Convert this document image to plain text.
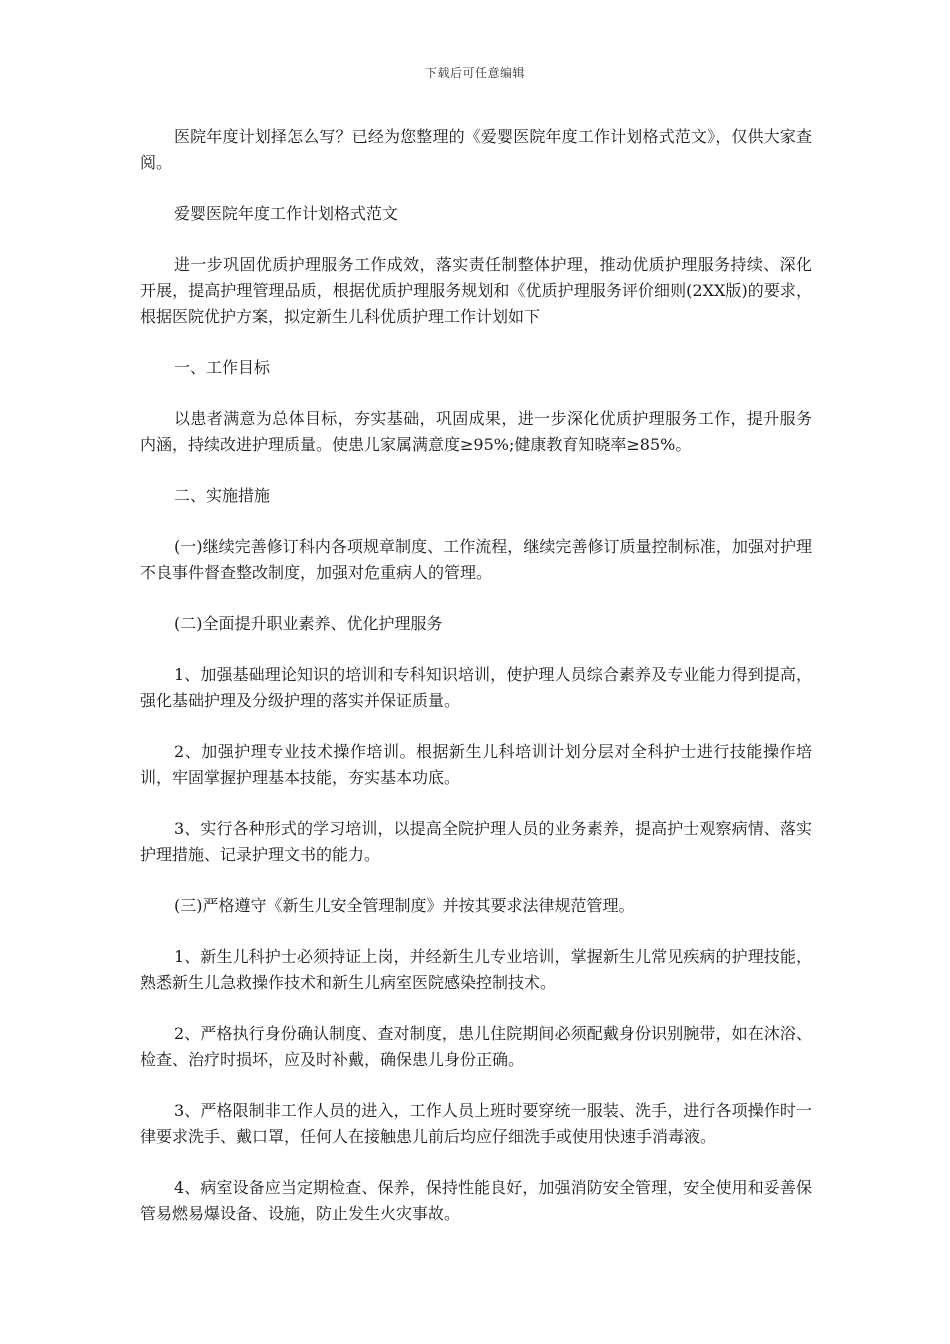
下载后可任意编辑

医院年度计划择怎么写？已经为您整理的《爱婴医院年度工作计划格式范文》，仅供大家查阅。

爱婴医院年度工作计划格式范文

进一步巩固优质护理服务工作成效，落实责任制整体护理，推动优质护理服务持续、深化开展，提高护理管理品质，根据优质护理服务规划和《优质护理服务评价细则(2XX版)的要求，根据医院优护方案，拟定新生儿科优质护理工作计划如下

一、工作目标

以患者满意为总体目标，夯实基础，巩固成果，进一步深化优质护理服务工作，提升服务内涵，持续改进护理质量。使患儿家属满意度≥95%;健康教育知晓率≥85%。

二、实施措施

(一)继续完善修订科内各项规章制度、工作流程，继续完善修订质量控制标准，加强对护理不良事件督查整改制度，加强对危重病人的管理。

(二)全面提升职业素养、优化护理服务

1、加强基础理论知识的培训和专科知识培训，使护理人员综合素养及专业能力得到提高，强化基础护理及分级护理的落实并保证质量。

2、加强护理专业技术操作培训。根据新生儿科培训计划分层对全科护士进行技能操作培训，牢固掌握护理基本技能，夯实基本功底。

3、实行各种形式的学习培训，以提高全院护理人员的业务素养，提高护士观察病情、落实护理措施、记录护理文书的能力。

(三)严格遵守《新生儿安全管理制度》并按其要求法律规范管理。

1、新生儿科护士必须持证上岗，并经新生儿专业培训，掌握新生儿常见疾病的护理技能，熟悉新生儿急救操作技术和新生儿病室医院感染控制技术。

2、严格执行身份确认制度、查对制度，患儿住院期间必须配戴身份识别腕带，如在沐浴、检查、治疗时损坏，应及时补戴，确保患儿身份正确。

3、严格限制非工作人员的进入，工作人员上班时要穿统一服装、洗手，进行各项操作时一律要求洗手、戴口罩，任何人在接触患儿前后均应仔细洗手或使用快速手消毒液。

4、病室设备应当定期检查、保养，保持性能良好，加强消防安全管理，安全使用和妥善保管易燃易爆设备、设施，防止发生火灾事故。
